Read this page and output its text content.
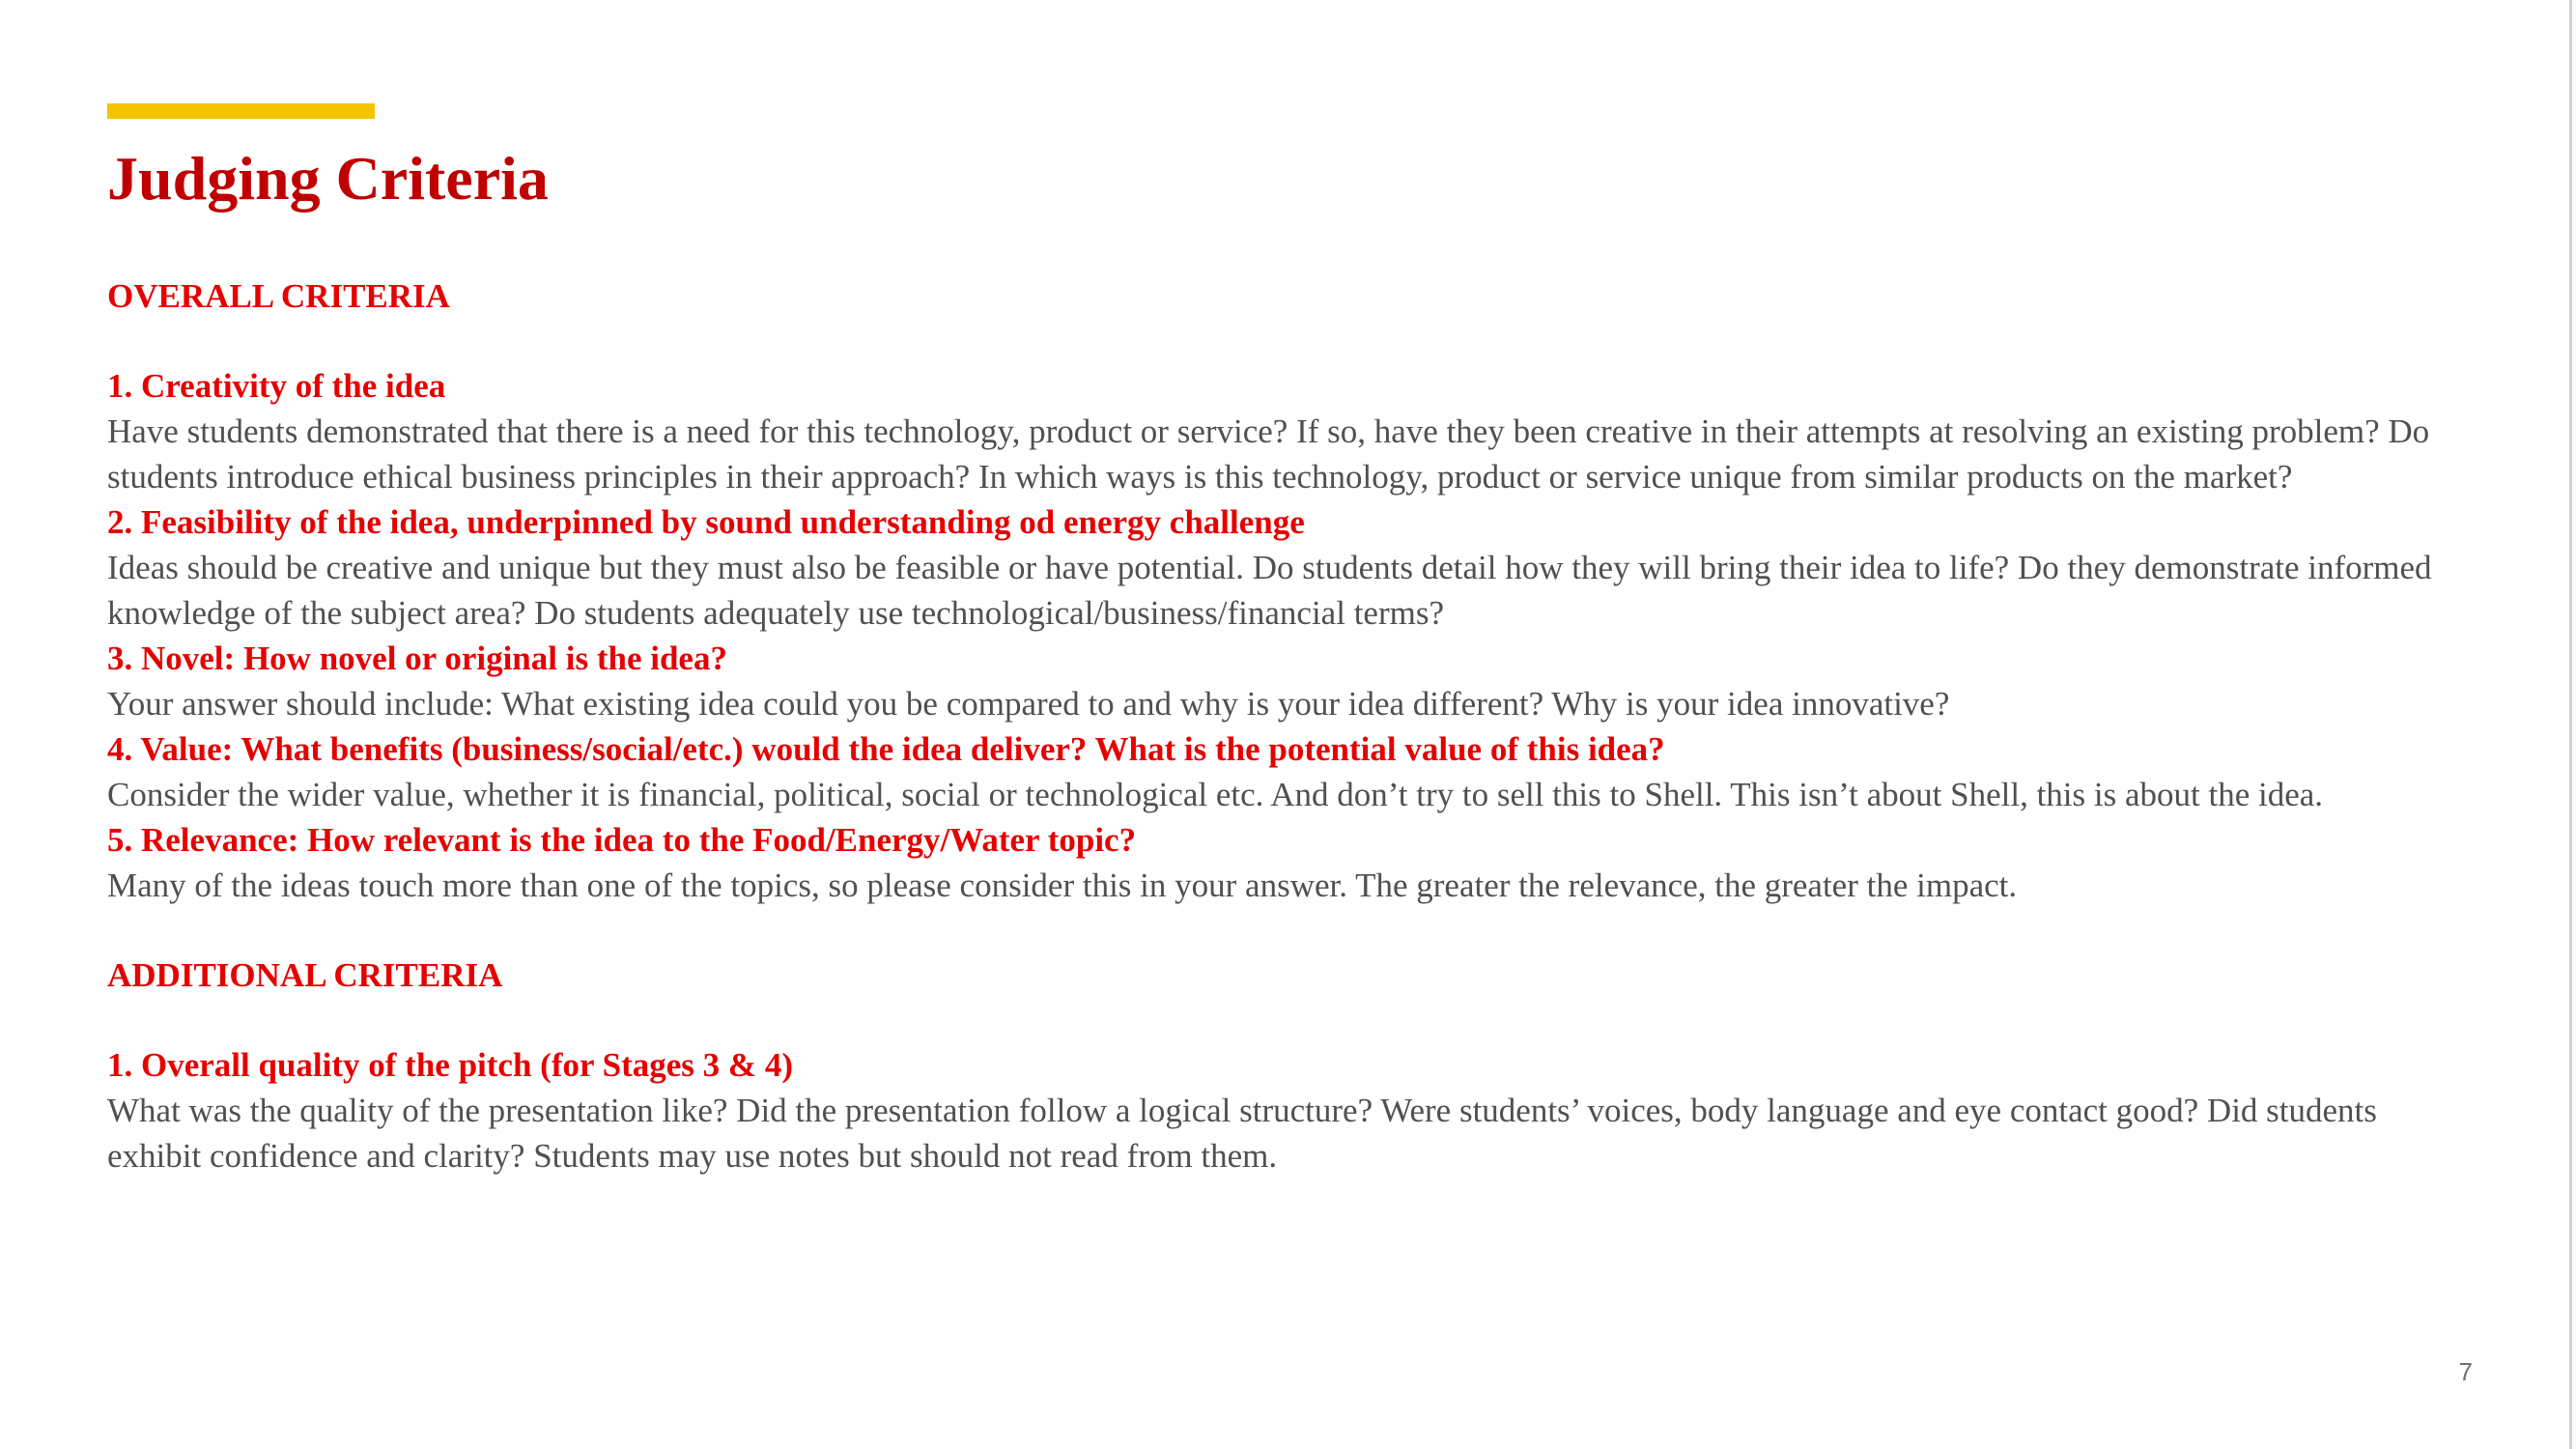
Judging Criteria

OVERALL CRITERIA

1. Creativity of the idea

Have students demonstrated that there is a need for this technology, product or service? If so, have they been creative in their attempts at resolving an existing problem? Do students introduce ethical business principles in their approach? In which ways is this technology, product or service unique from similar products on the market?

2. Feasibility of the idea, underpinned by sound understanding od energy challenge

Ideas should be creative and unique but they must also be feasible or have potential. Do students detail how they will bring their idea to life? Do they demonstrate informed knowledge of the subject area? Do students adequately use technological/business/financial terms?

3. Novel: How novel or original is the idea?

Your answer should include: What existing idea could you be compared to and why is your idea different? Why is your idea innovative?

4. Value: What benefits (business/social/etc.) would the idea deliver? What is the potential value of this idea?

Consider the wider value, whether it is financial, political, social or technological etc. And don’t try to sell this to Shell. This isn’t about Shell, this is about the idea.

5. Relevance: How relevant is the idea to the Food/Energy/Water topic?

Many of the ideas touch more than one of the topics, so please consider this in your answer. The greater the relevance, the greater the impact.

ADDITIONAL CRITERIA

1. Overall quality of the pitch (for Stages 3 & 4)

What was the quality of the presentation like? Did the presentation follow a logical structure? Were students’ voices, body language and eye contact good? Did students exhibit confidence and clarity? Students may use notes but should not read from them.

7
